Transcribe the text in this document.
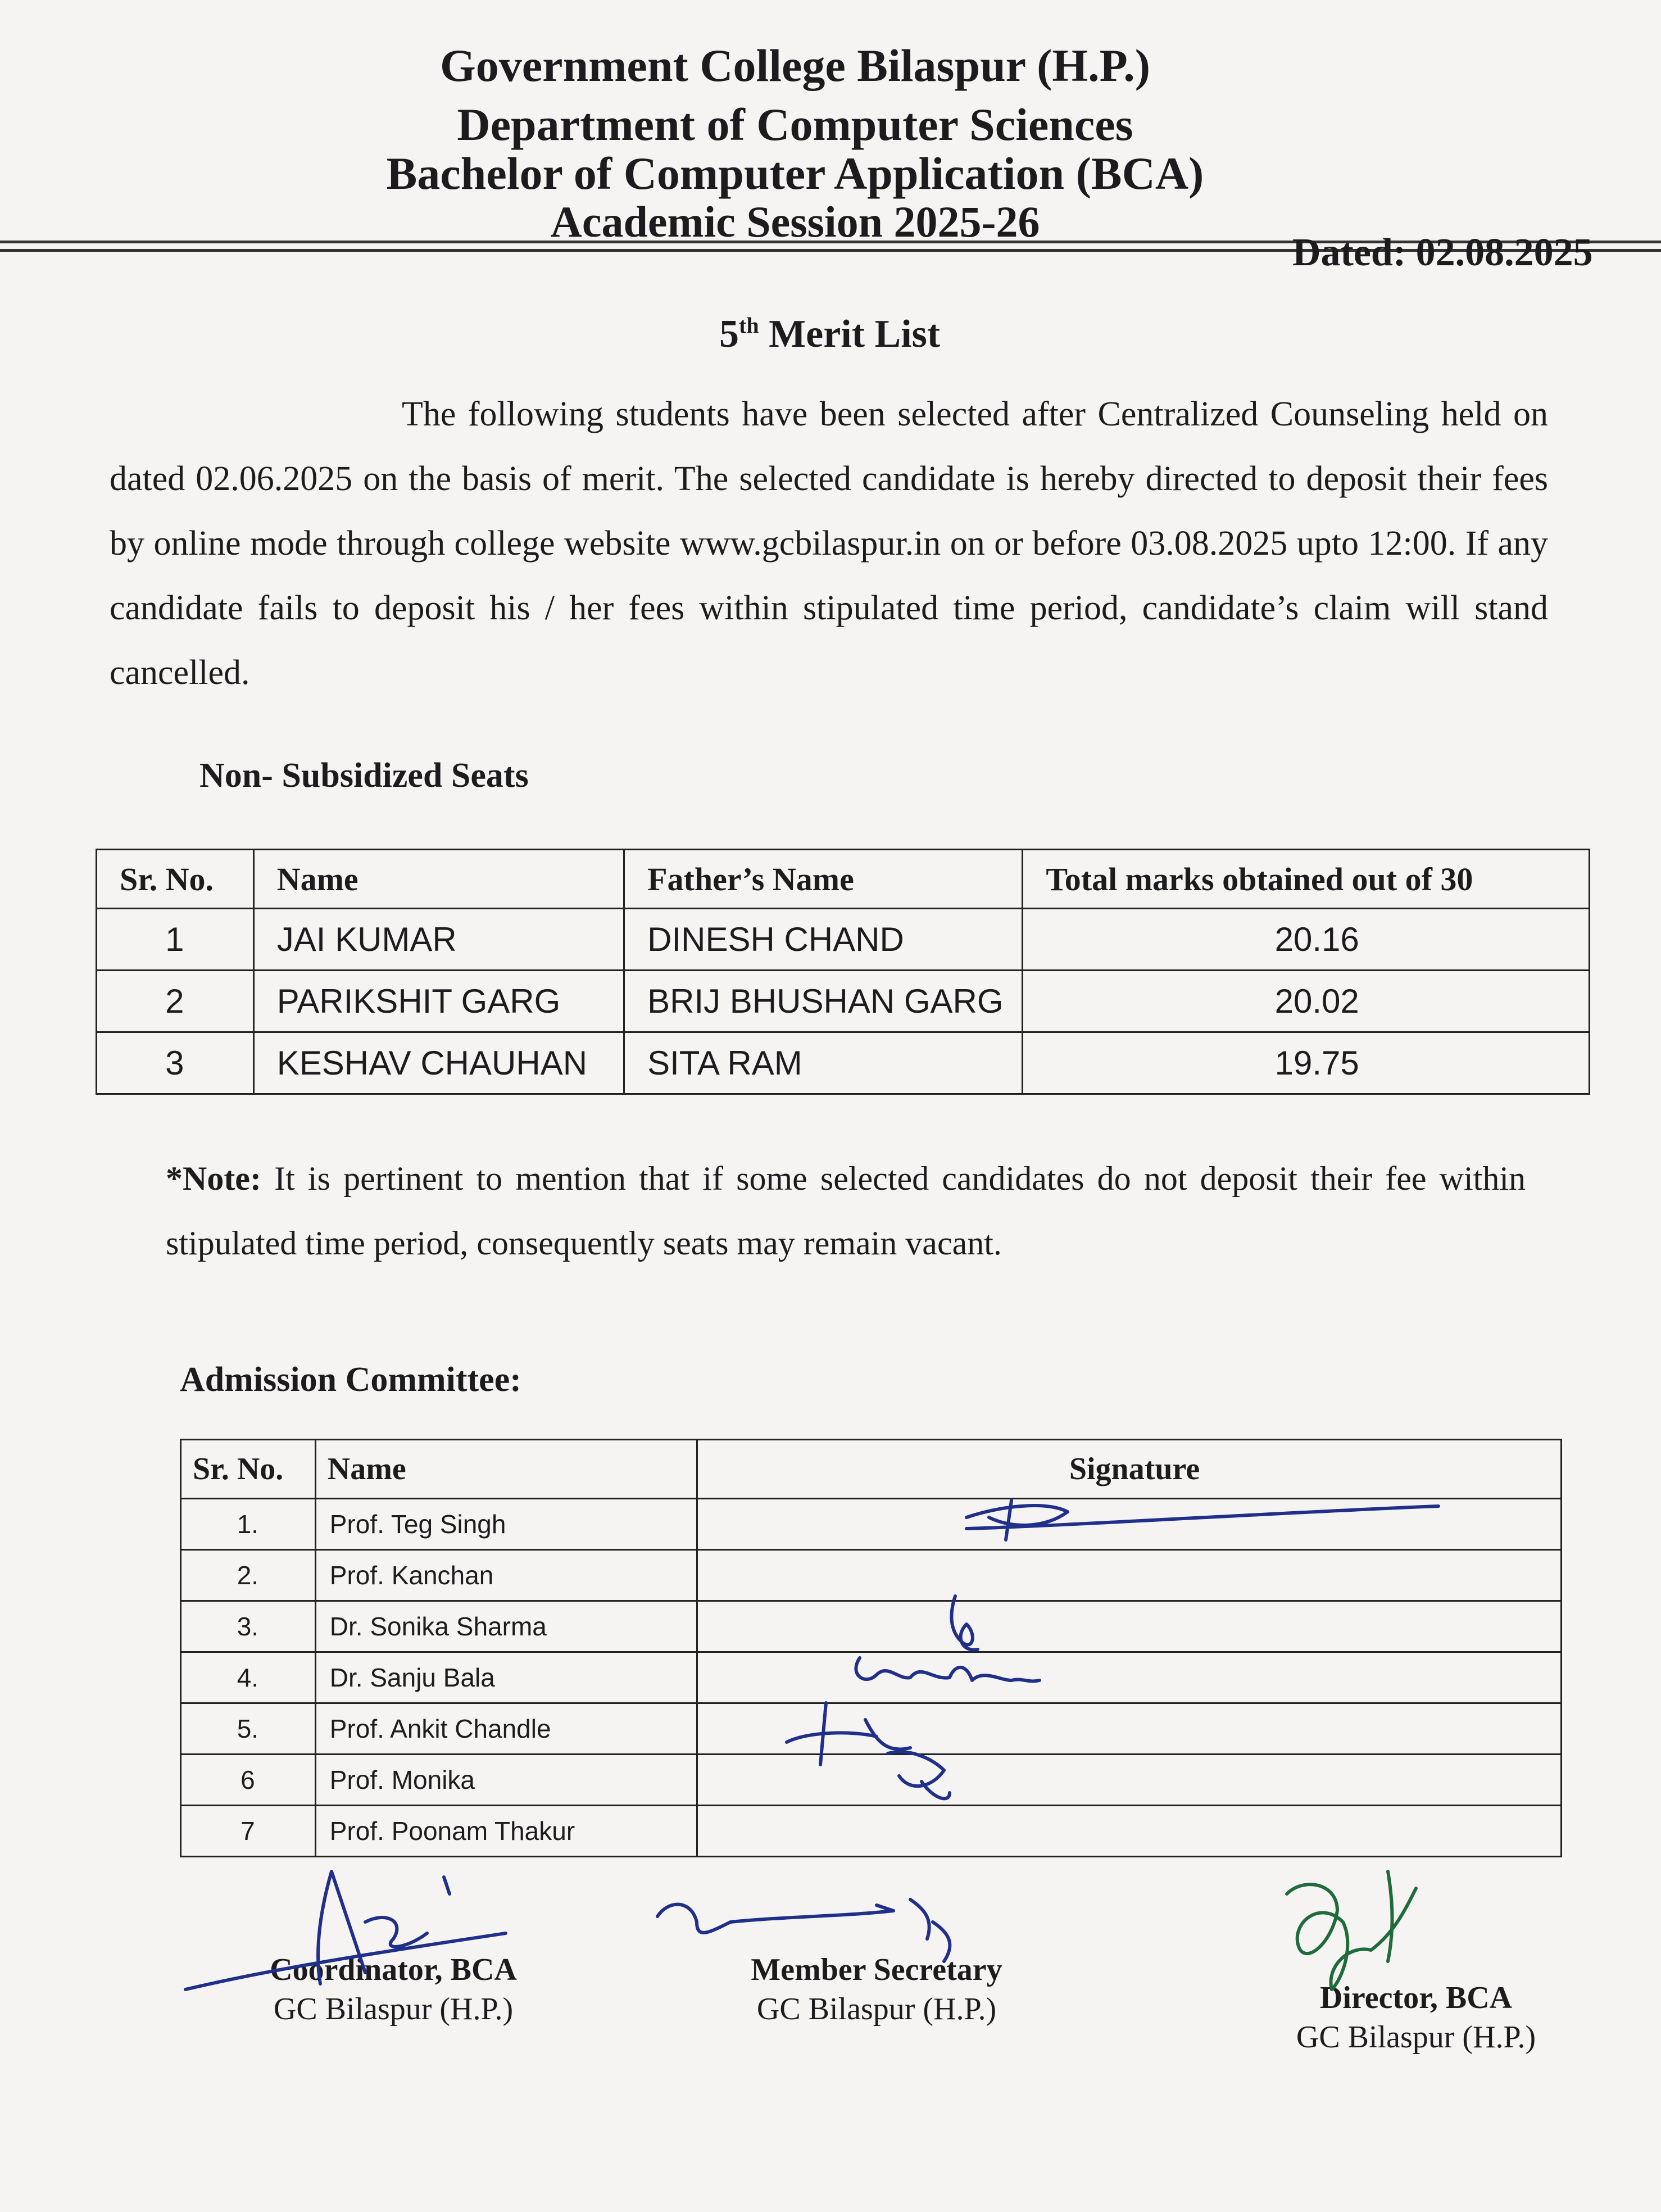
Government College Bilaspur (H.P.)
Department of Computer Sciences
Bachelor of Computer Application (BCA)
Academic Session 2025-26
Dated: 02.08.2025
5th Merit List
The following students have been selected after Centralized Counseling held on dated 02.06.2025 on the basis of merit. The selected candidate is hereby directed to deposit their fees by online mode through college website www.gcbilaspur.in on or before 03.08.2025 upto 12:00. If any candidate fails to deposit his / her fees within stipulated time period, candidate’s claim will stand cancelled.
Non- Subsidized Seats
Sr. No.	Name	Father’s Name	Total marks obtained out of 30
1	JAI KUMAR	DINESH CHAND	20.16
2	PARIKSHIT GARG	BRIJ BHUSHAN GARG	20.02
3	KESHAV CHAUHAN	SITA RAM	19.75
*Note: It is pertinent to mention that if some selected candidates do not deposit their fee within stipulated time period, consequently seats may remain vacant.
Admission Committee:
Sr. No.	Name	Signature
1.	Prof. Teg Singh	
2.	Prof. Kanchan	
3.	Dr. Sonika Sharma	
4.	Dr. Sanju Bala	
5.	Prof. Ankit Chandle	
6	Prof. Monika	
7	Prof. Poonam Thakur	
Coordinator, BCA
GC Bilaspur (H.P.)
Member Secretary
GC Bilaspur (H.P.)	Director, BCA
GC Bilaspur (H.P.)
